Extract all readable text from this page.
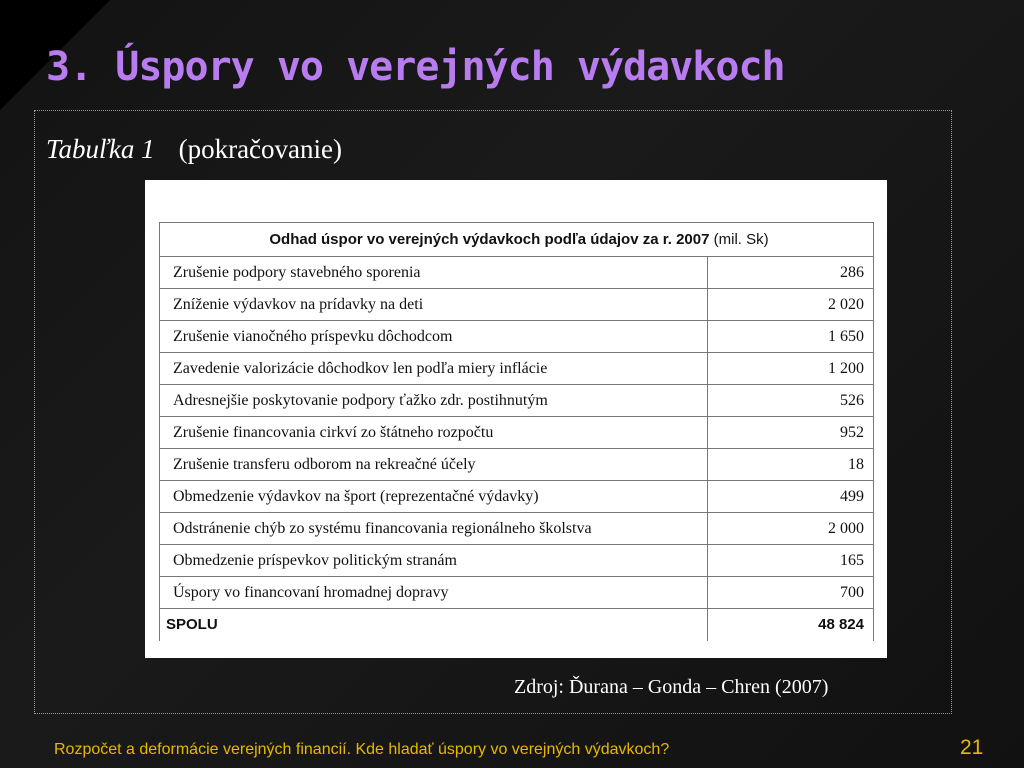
3. Úspory vo verejných výdavkoch
Tabuľka 1 (pokračovanie)
Odhad úspor vo verejných výdavkoch podľa údajov za r. 2007 (mil. Sk)	
Zrušenie podpory stavebného sporenia	286
Zníženie výdavkov na prídavky na deti	2 020
Zrušenie vianočného príspevku dôchodcom	1 650
Zavedenie valorizácie dôchodkov len podľa miery inflácie	1 200
Adresnejšie poskytovanie podpory ťažko zdr. postihnutým	526
Zrušenie financovania cirkví zo štátneho rozpočtu	952
Zrušenie transferu odborom na rekreačné účely	18
Obmedzenie výdavkov na šport (reprezentačné výdavky)	499
Odstránenie chýb zo systému financovania regionálneho školstva	2 000
Obmedzenie príspevkov politickým stranám	165
Úspory vo financovaní hromadnej dopravy	700
SPOLU	48 824
Zdroj: Ďurana – Gonda – Chren (2007)
Rozpočet a deformácie verejných financií. Kde hladať úspory vo verejných výdavkoch?	21
